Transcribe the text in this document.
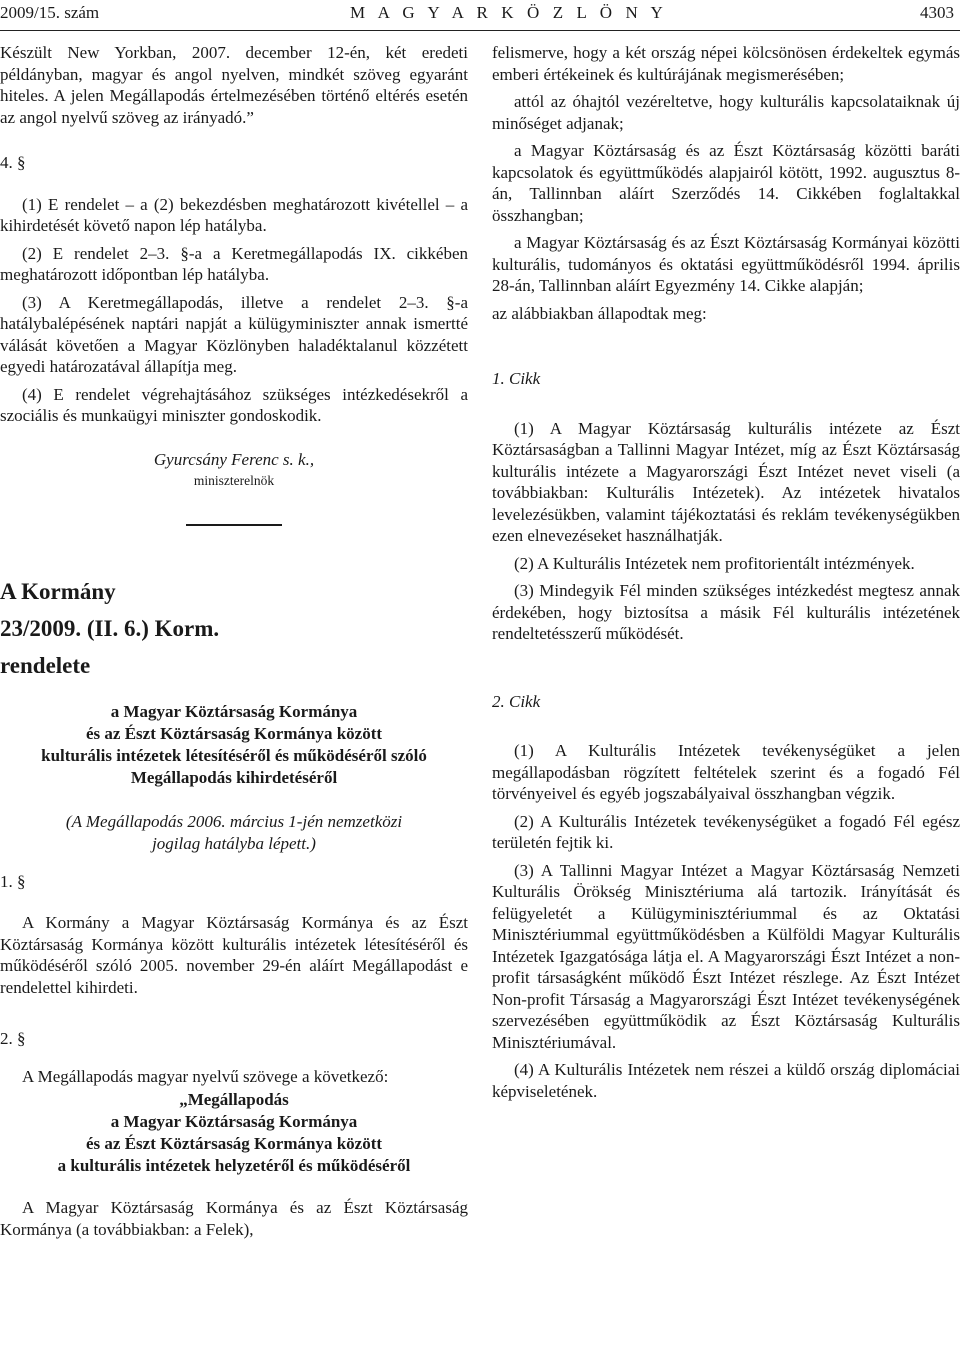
2009/15. szám	M A G Y A R K Ö Z L Ö N Y	4303

Készült New Yorkban, 2007. december 12-én, két eredeti példányban, magyar és angol nyelven, mindkét szöveg egyaránt hiteles. A jelen Megállapodás értelmezésében történő eltérés esetén az angol nyelvű szöveg az irányadó.”

4. §

(1) E rendelet – a (2) bekezdésben meghatározott kivétellel – a kihirdetését követő napon lép hatályba.

(2) E rendelet 2–3. §-a a Keretmegállapodás IX. cikkében meghatározott időpontban lép hatályba.

(3) A Keretmegállapodás, illetve a rendelet 2–3. §-a hatálybalépésének naptári napját a külügyminiszter annak ismertté válását követően a Magyar Közlönyben haladéktalanul közzétett egyedi határozatával állapítja meg.

(4) E rendelet végrehajtásához szükséges intézkedésekről a szociális és munkaügyi miniszter gondoskodik.

Gyurcsány Ferenc s. k.,
miniszterelnök

A Kormány

23/2009. (II. 6.) Korm.

rendelete

a Magyar Köztársaság Kormánya
és az Észt Köztársaság Kormánya között
kulturális intézetek létesítéséről és működéséről szóló
Megállapodás kihirdetéséről
(A Megállapodás 2006. március 1-jén nemzetközi
jogilag hatályba lépett.)

1. §

A Kormány a Magyar Köztársaság Kormánya és az Észt Köztársaság Kormánya között kulturális intézetek létesítéséről és működéséről szóló 2005. november 29-én aláírt Megállapodást e rendelettel kihirdeti.

2. §

A Megállapodás magyar nyelvű szövege a következő:

„Megállapodás
a Magyar Köztársaság Kormánya
és az Észt Köztársaság Kormánya között
a kulturális intézetek helyzetéről és működéséről

A Magyar Köztársaság Kormánya és az Észt Köztársaság Kormánya (a továbbiakban: a Felek),

felismerve, hogy a két ország népei kölcsönösen érdekeltek egymás emberi értékeinek és kultúrájának megismerésében;

attól az óhajtól vezéreltetve, hogy kulturális kapcsolataiknak új minőséget adjanak;

a Magyar Köztársaság és az Észt Köztársaság közötti baráti kapcsolatok és együttműködés alapjairól kötött, 1992. augusztus 8-án, Tallinnban aláírt Szerződés 14. Cikkében foglaltakkal összhangban;

a Magyar Köztársaság és az Észt Köztársaság Kormányai közötti kulturális, tudományos és oktatási együttműködésről 1994. április 28-án, Tallinnban aláírt Egyezmény 14. Cikke alapján;

az alábbiakban állapodtak meg:

1. Cikk

(1) A Magyar Köztársaság kulturális intézete az Észt Köztársaságban a Tallinni Magyar Intézet, míg az Észt Köztársaság kulturális intézete a Magyarországi Észt Intézet nevet viseli (a továbbiakban: Kulturális Intézetek). Az intézetek hivatalos levelezésükben, valamint tájékoztatási és reklám tevékenységükben ezen elnevezéseket használhatják.

(2) A Kulturális Intézetek nem profitorientált intézmények.

(3) Mindegyik Fél minden szükséges intézkedést megtesz annak érdekében, hogy biztosítsa a másik Fél kulturális intézetének rendeltetésszerű működését.

2. Cikk

(1) A Kulturális Intézetek tevékenységüket a jelen megállapodásban rögzített feltételek szerint és a fogadó Fél törvényeivel és egyéb jogszabályaival összhangban végzik.

(2) A Kulturális Intézetek tevékenységüket a fogadó Fél egész területén fejtik ki.

(3) A Tallinni Magyar Intézet a Magyar Köztársaság Nemzeti Kulturális Örökség Minisztériuma alá tartozik. Irányítását és felügyeletét a Külügyminisztériummal és az Oktatási Minisztériummal együttműködésben a Külföldi Magyar Kulturális Intézetek Igazgatósága látja el. A Magyarországi Észt Intézet a non-profit társaságként működő Észt Intézet részlege. Az Észt Intézet Non-profit Társaság a Magyarországi Észt Intézet tevékenységének szervezésében együttműködik az Észt Köztársaság Kulturális Minisztériumával.

(4) A Kulturális Intézetek nem részei a küldő ország diplomáciai képviseletének.
